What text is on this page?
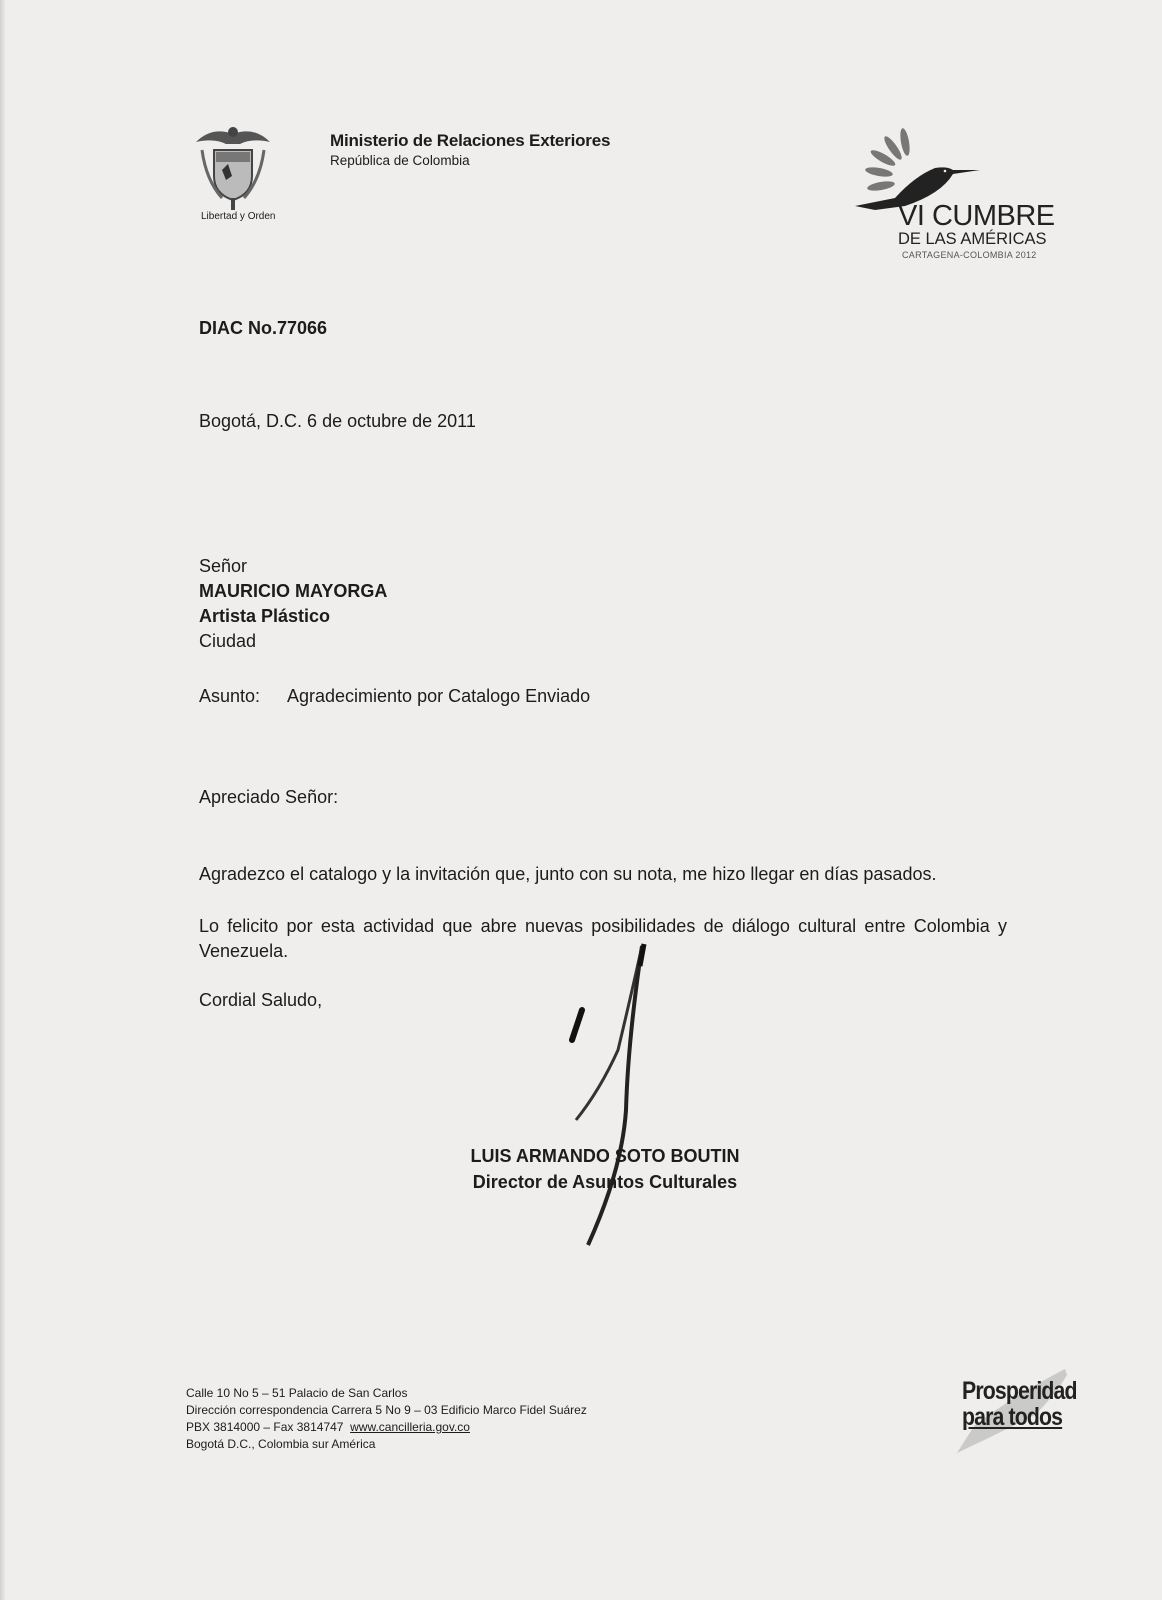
Libertad y Orden
Ministerio de Relaciones Exteriores
República de Colombia
VI CUMBRE
DE LAS AMÉRICAS
CARTAGENA-COLOMBIA 2012
DIAC No.77066
Bogotá, D.C. 6 de octubre de 2011
Señor
MAURICIO MAYORGA
Artista Plástico
Ciudad
Asunto: Agradecimiento por Catalogo Enviado
Apreciado Señor:
Agradezco el catalogo y la invitación que, junto con su nota, me hizo llegar en días pasados.
Lo felicito por esta actividad que abre nuevas posibilidades de diálogo cultural entre Colombia y Venezuela.
Cordial Saludo,
LUIS ARMANDO SOTO BOUTIN
Director de Asuntos Culturales
Calle 10 No 5 – 51 Palacio de San Carlos
Dirección correspondencia Carrera 5 No 9 – 03 Edificio Marco Fidel Suárez
PBX 3814000 – Fax 3814747 www.cancilleria.gov.co
Bogotá D.C., Colombia sur América
Prosperidad
para todos
